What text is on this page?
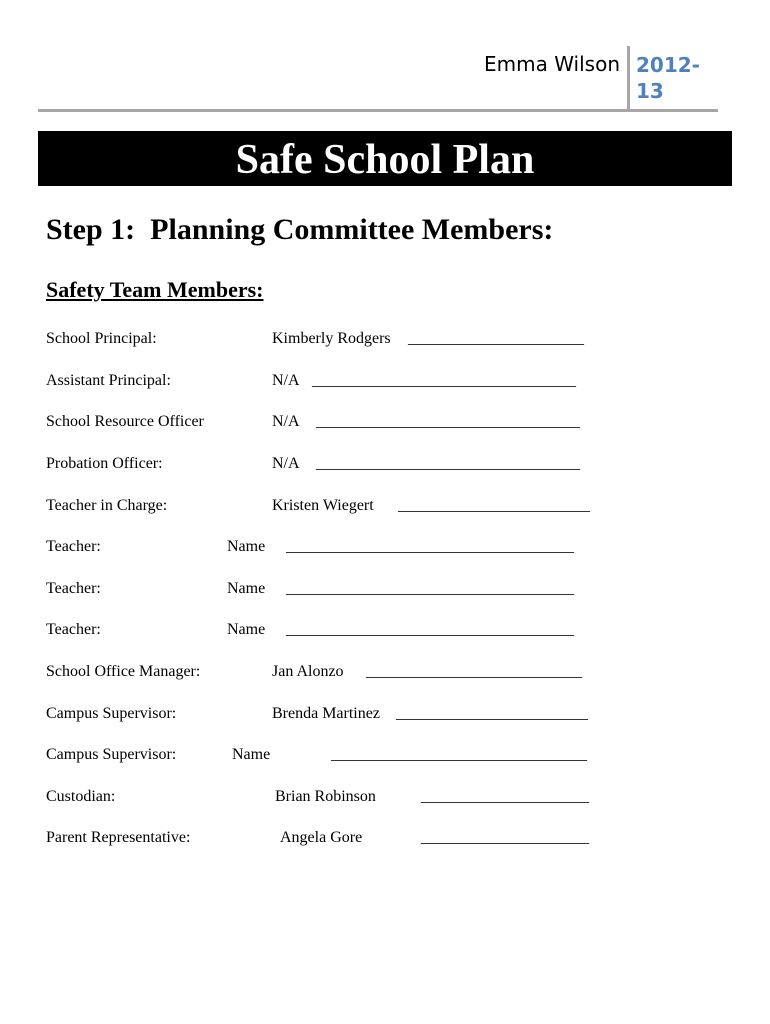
Emma Wilson 2012-13
Safe School Plan
Step 1:  Planning Committee Members:
Safety Team Members:
School Principal:	Kimberly Rodgers ______________________
Assistant Principal:	N/A _________________________________
School Resource Officer	N/A _________________________________
Probation Officer:	N/A _________________________________
Teacher in Charge:	Kristen Wiegert ________________________
Teacher:	Name ____________________________________
Teacher:	Name ____________________________________
Teacher:	Name ____________________________________
School Office Manager:	Jan Alonzo ___________________________
Campus Supervisor:	Brenda Martinez ________________________
Campus Supervisor:	Name	________________________________
Custodian:	Brian Robinson	_____________________
Parent Representative:	Angela Gore	_____________________
